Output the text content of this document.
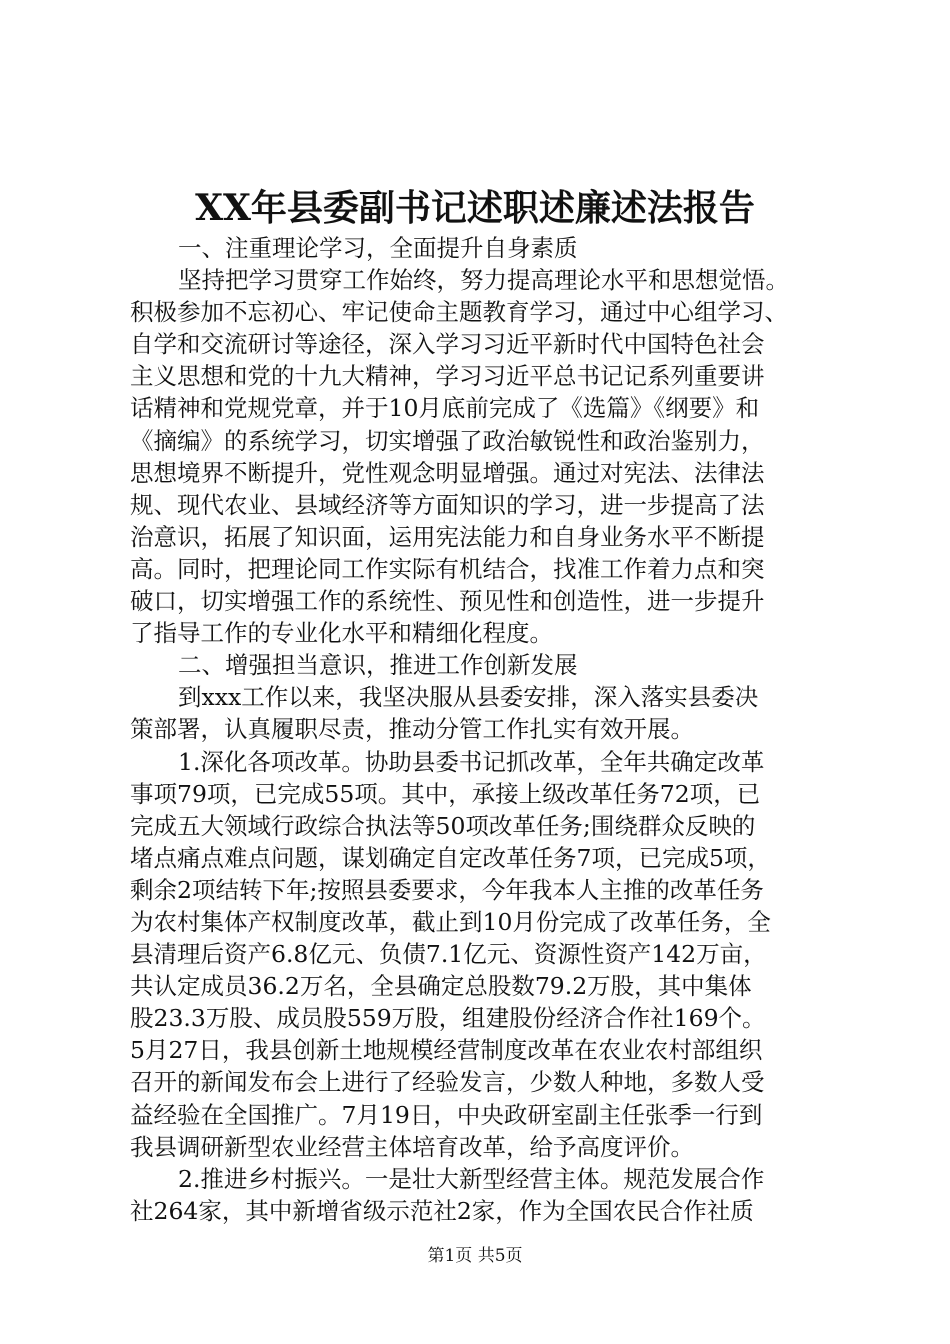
XX年县委副书记述职述廉述法报告
一、注重理论学习，全面提升自身素质
坚持把学习贯穿工作始终，努力提高理论水平和思想觉悟。
积极参加不忘初心、牢记使命主题教育学习，通过中心组学习、
自学和交流研讨等途径，深入学习习近平新时代中国特色社会
主义思想和党的十九大精神，学习习近平总书记记系列重要讲
话精神和党规党章，并于10月底前完成了《选篇》《纲要》和
《摘编》的系统学习，切实增强了政治敏锐性和政治鉴别力，
思想境界不断提升，党性观念明显增强。通过对宪法、法律法
规、现代农业、县域经济等方面知识的学习，进一步提高了法
治意识，拓展了知识面，运用宪法能力和自身业务水平不断提
高。同时，把理论同工作实际有机结合，找准工作着力点和突
破口，切实增强工作的系统性、预见性和创造性，进一步提升
了指导工作的专业化水平和精细化程度。
二、增强担当意识，推进工作创新发展
到xxx工作以来，我坚决服从县委安排，深入落实县委决
策部署，认真履职尽责，推动分管工作扎实有效开展。
1.深化各项改革。协助县委书记抓改革，全年共确定改革
事项79项，已完成55项。其中，承接上级改革任务72项，已
完成五大领域行政综合执法等50项改革任务;围绕群众反映的
堵点痛点难点问题，谋划确定自定改革任务7项，已完成5项，
剩余2项结转下年;按照县委要求，今年我本人主推的改革任务
为农村集体产权制度改革，截止到10月份完成了改革任务，全
县清理后资产6.8亿元、负债7.1亿元、资源性资产142万亩，
共认定成员36.2万名，全县确定总股数79.2万股，其中集体
股23.3万股、成员股559万股，组建股份经济合作社169个。
5月27日，我县创新土地规模经营制度改革在农业农村部组织
召开的新闻发布会上进行了经验发言，少数人种地，多数人受
益经验在全国推广。7月19日，中央政研室副主任张季一行到
我县调研新型农业经营主体培育改革，给予高度评价。
2.推进乡村振兴。一是壮大新型经营主体。规范发展合作
社264家，其中新增省级示范社2家，作为全国农民合作社质
第1页 共5页
